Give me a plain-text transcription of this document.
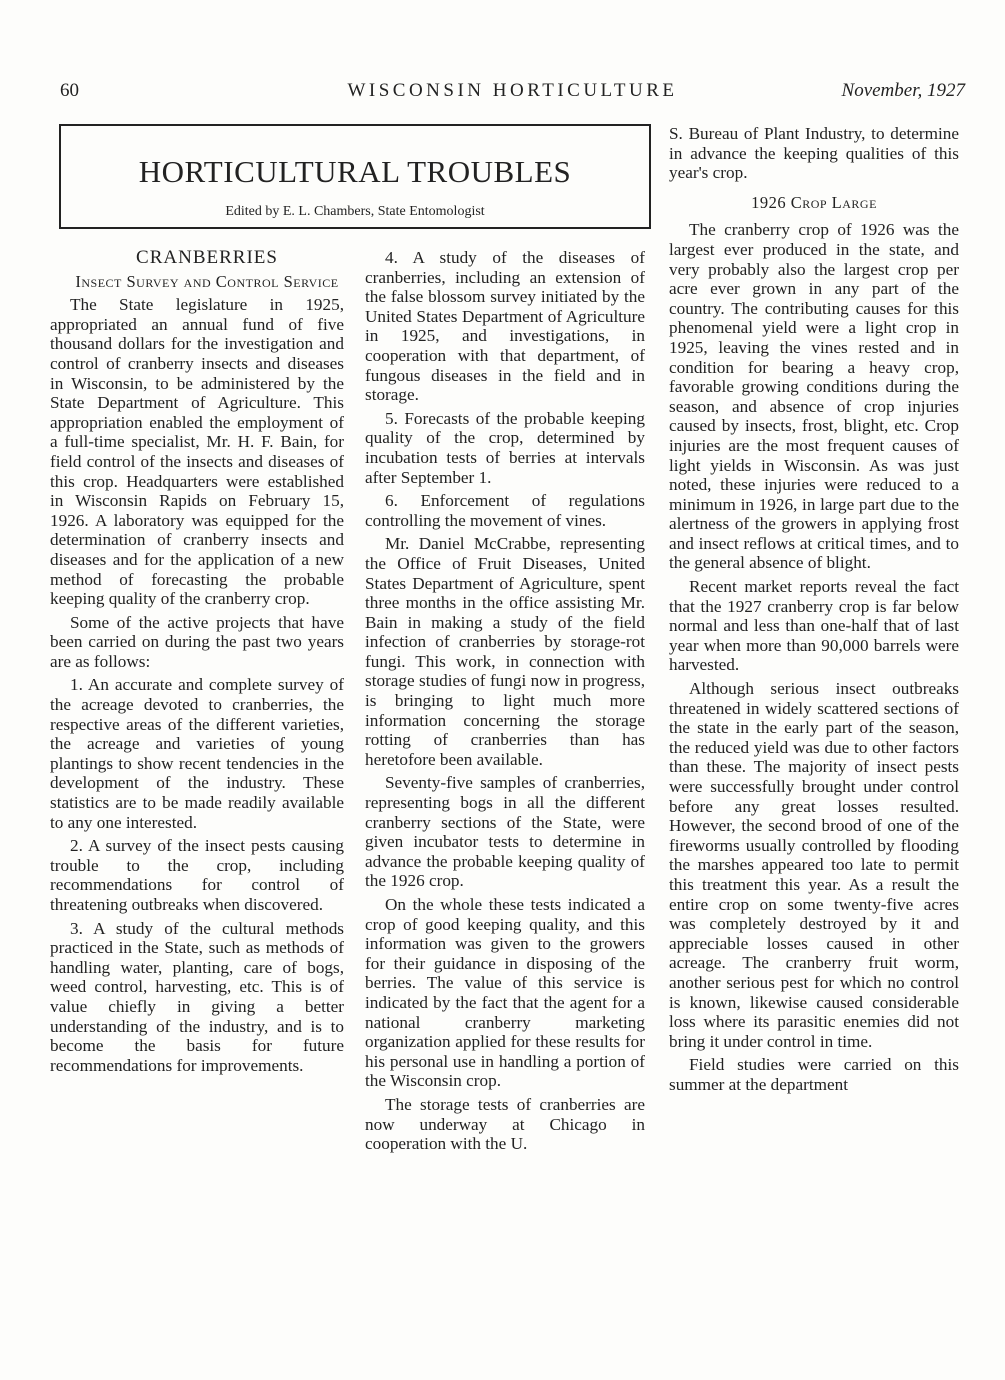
60	WISCONSIN HORTICULTURE	November, 1927
HORTICULTURAL TROUBLES
Edited by E. L. Chambers, State Entomologist

CRANBERRIES

Insect Survey and Control Service

The State legislature in 1925, appropriated an annual fund of five thousand dollars for the investigation and control of cranberry insects and diseases in Wisconsin, to be administered by the State Department of Agriculture. This appropriation enabled the employment of a full-time specialist, Mr. H. F. Bain, for field control of the insects and diseases of this crop. Headquarters were established in Wisconsin Rapids on February 15, 1926. A laboratory was equipped for the determination of cranberry insects and diseases and for the application of a new method of forecasting the probable keeping quality of the cranberry crop.

Some of the active projects that have been carried on during the past two years are as follows:

1. An accurate and complete survey of the acreage devoted to cranberries, the respective areas of the different varieties, the acreage and varieties of young plantings to show recent tendencies in the development of the industry. These statistics are to be made readily available to any one interested.

2. A survey of the insect pests causing trouble to the crop, including recommendations for control of threatening outbreaks when discovered.

3. A study of the cultural methods practiced in the State, such as methods of handling water, planting, care of bogs, weed control, harvesting, etc. This is of value chiefly in giving a better understanding of the industry, and is to become the basis for future recommendations for improvements.

4. A study of the diseases of cranberries, including an extension of the false blossom survey initiated by the United States Department of Agriculture in 1925, and investigations, in cooperation with that department, of fungous diseases in the field and in storage.

5. Forecasts of the probable keeping quality of the crop, determined by incubation tests of berries at intervals after September 1.

6. Enforcement of regulations controlling the movement of vines.

Mr. Daniel McCrabbe, representing the Office of Fruit Diseases, United States Department of Agriculture, spent three months in the office assisting Mr. Bain in making a study of the field infection of cranberries by storage-rot fungi. This work, in connection with storage studies of fungi now in progress, is bringing to light much more information concerning the storage rotting of cranberries than has heretofore been available.

Seventy-five samples of cranberries, representing bogs in all the different cranberry sections of the State, were given incubator tests to determine in advance the probable keeping quality of the 1926 crop.

On the whole these tests indicated a crop of good keeping quality, and this information was given to the growers for their guidance in disposing of the berries. The value of this service is indicated by the fact that the agent for a national cranberry marketing organization applied for these results for his personal use in handling a portion of the Wisconsin crop.

The storage tests of cranberries are now underway at Chicago in cooperation with the U.

S. Bureau of Plant Industry, to determine in advance the keeping qualities of this year's crop.

1926 Crop Large

The cranberry crop of 1926 was the largest ever produced in the state, and very probably also the largest crop per acre ever grown in any part of the country. The contributing causes for this phenomenal yield were a light crop in 1925, leaving the vines rested and in condition for bearing a heavy crop, favorable growing conditions during the season, and absence of crop injuries caused by insects, frost, blight, etc. Crop injuries are the most frequent causes of light yields in Wisconsin. As was just noted, these injuries were reduced to a minimum in 1926, in large part due to the alertness of the growers in applying frost and insect reflows at critical times, and to the general absence of blight.

Recent market reports reveal the fact that the 1927 cranberry crop is far below normal and less than one-half that of last year when more than 90,000 barrels were harvested.

Although serious insect outbreaks threatened in widely scattered sections of the state in the early part of the season, the reduced yield was due to other factors than these. The majority of insect pests were successfully brought under control before any great losses resulted. However, the second brood of one of the fireworms usually controlled by flooding the marshes appeared too late to permit this treatment this year. As a result the entire crop on some twenty-five acres was completely destroyed by it and appreciable losses caused in other acreage. The cranberry fruit worm, another serious pest for which no control is known, likewise caused considerable loss where its parasitic enemies did not bring it under control in time.

Field studies were carried on this summer at the department
